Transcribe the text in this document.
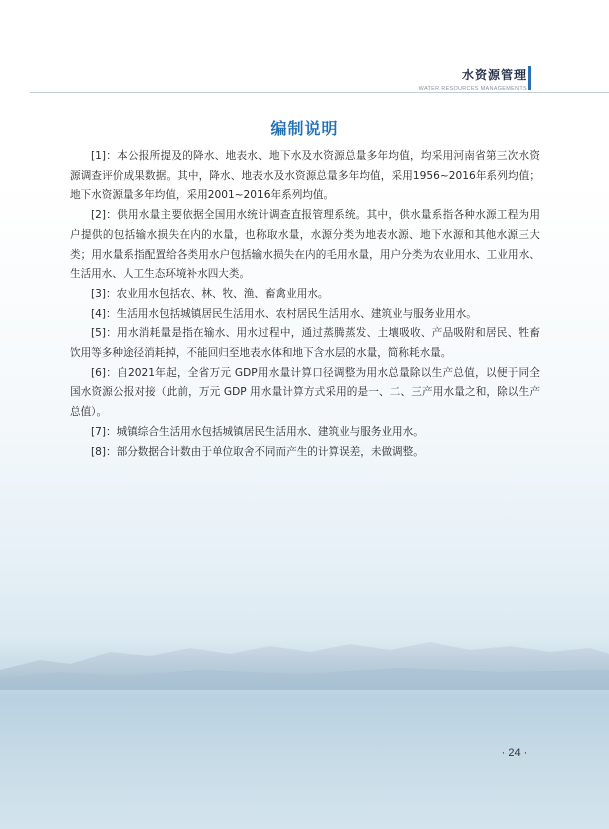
水资源管理
WATER RESOURCES MANAGEMENTS
编制说明

[1]：本公报所提及的降水、地表水、地下水及水资源总量多年均值，均采用河南省第三次水资源调查评价成果数据。其中，降水、地表水及水资源总量多年均值，采用1956~2016年系列均值；地下水资源量多年均值，采用2001~2016年系列均值。

[2]：供用水量主要依据全国用水统计调查直报管理系统。其中，供水量系指各种水源工程为用户提供的包括输水损失在内的水量，也称取水量，水源分类为地表水源、地下水源和其他水源三大类；用水量系指配置给各类用水户包括输水损失在内的毛用水量，用户分类为农业用水、工业用水、生活用水、人工生态环境补水四大类。

[3]：农业用水包括农、林、牧、渔、畜禽业用水。

[4]：生活用水包括城镇居民生活用水、农村居民生活用水、建筑业与服务业用水。

[5]：用水消耗量是指在输水、用水过程中，通过蒸腾蒸发、土壤吸收、产品吸附和居民、牲畜饮用等多种途径消耗掉，不能回归至地表水体和地下含水层的水量，简称耗水量。

[6]：自2021年起，全省万元 GDP用水量计算口径调整为用水总量除以生产总值，以便于同全国水资源公报对接（此前，万元 GDP 用水量计算方式采用的是一、二、三产用水量之和，除以生产总值）。

[7]：城镇综合生活用水包括城镇居民生活用水、建筑业与服务业用水。

[8]：部分数据合计数由于单位取舍不同而产生的计算误差，未做调整。

· 24 ·
